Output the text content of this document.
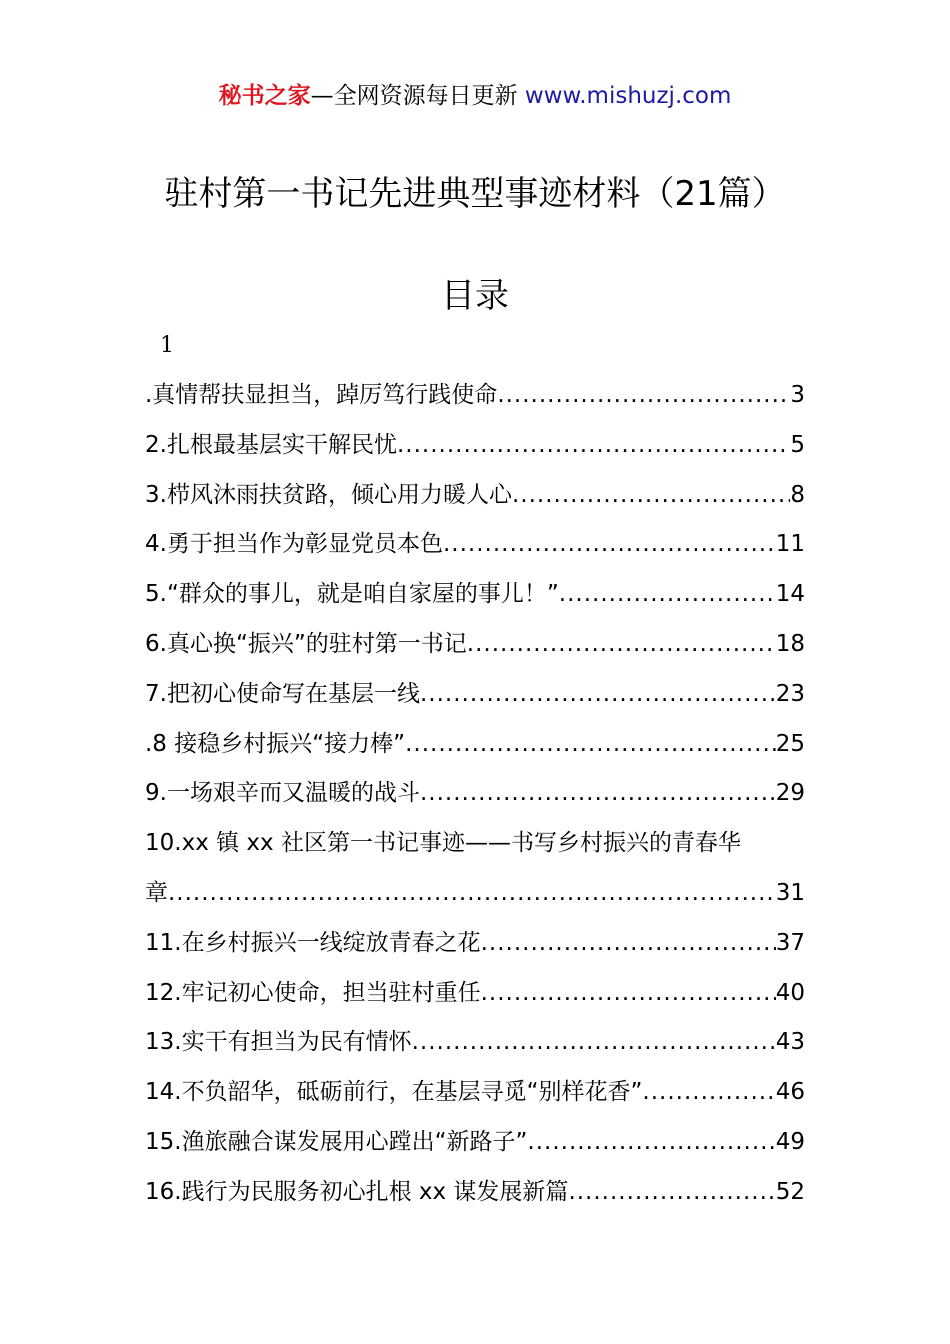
秘书之家—全网资源每日更新 www.mishuzj.com
驻村第一书记先进典型事迹材料（21篇）
目录
1
.真情帮扶显担当，踔厉笃行践使命 .....	3
2.扎根最基层实干解民忧 .....	5
3.栉风沐雨扶贫路，倾心用力暖人心 .....	8
4.勇于担当作为彰显党员本色 .....	11
5.“群众的事儿，就是咱自家屋的事儿！” .....	14
6.真心换“振兴”的驻村第一书记 .....	18
7.把初心使命写在基层一线 .....	23
.8 接稳乡村振兴“接力棒” .....	25
9.一场艰辛而又温暖的战斗 .....	29
10.xx 镇 xx 社区第一书记事迹——书写乡村振兴的青春华
章 .....	31
11.在乡村振兴一线绽放青春之花 .....	37
12.牢记初心使命，担当驻村重任 .....	40
13.实干有担当为民有情怀 .....	43
14.不负韶华，砥砺前行，在基层寻觅“别样花香” .....	46
15.渔旅融合谋发展用心蹚出“新路子” .....	49
16.践行为民服务初心扎根 xx 谋发展新篇 .....	52
